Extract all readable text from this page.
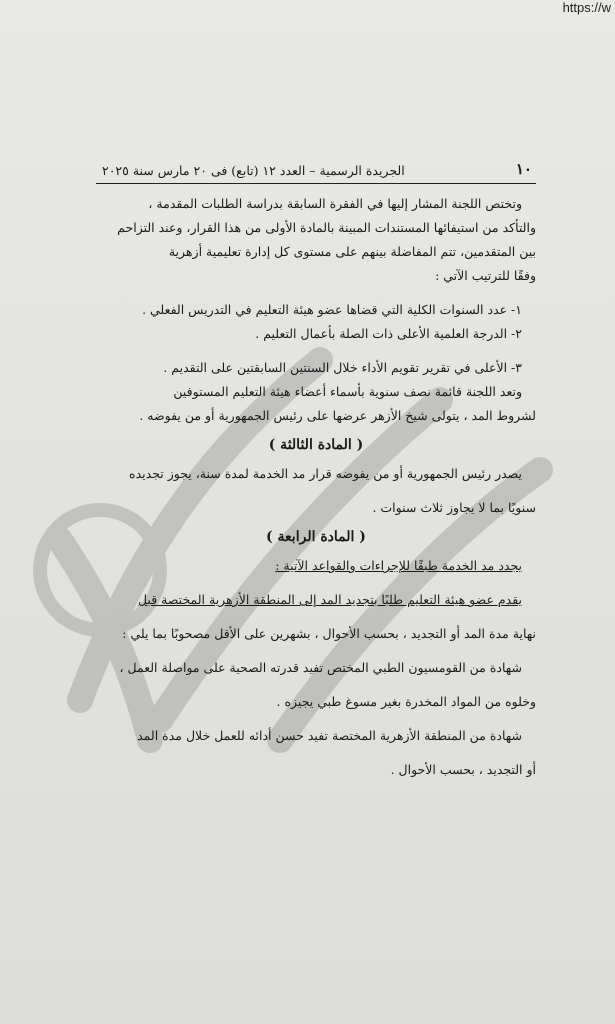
https://w
١٠
الجريدة الرسمية – العدد ١٢ (تابع) فى ٢٠ مارس سنة ٢٠٢٥
وتختص اللجنة المشار إليها في الفقرة السابقة بدراسة الطلبات المقدمة ،
والتأكد من استيفائها المستندات المبينة بالمادة الأولى من هذا القرار، وعند التزاحم
بين المتقدمين، تتم المفاضلة بينهم على مستوى كل إدارة تعليمية أزهرية
وفقًا للترتيب الآتي :
١- عدد السنوات الكلية التي قضاها عضو هيئة التعليم في التدريس الفعلي .
٢- الدرجة العلمية الأعلى ذات الصلة بأعمال التعليم .
٣- الأعلى في تقرير تقويم الأداء خلال السنتين السابقتين على التقديم .
وتعد اللجنة قائمة نصف سنوية بأسماء أعضاء هيئة التعليم المستوفين
لشروط المد ، يتولى شيخ الأزهر عرضها على رئيس الجمهورية أو من يفوضه .
( المادة الثالثة )
يصدر رئيس الجمهورية أو من يفوضه قرار مد الخدمة لمدة سنة، يجوز تجديده
سنويًا بما لا يجاوز ثلاث سنوات .
( المادة الرابعة )
يجدد مد الخدمة طبقًا للإجراءات والقواعد الآتية :
يقدم عضو هيئة التعليم طلبًا بتجديد المد إلى المنطقة الأزهرية المختصة قبل
نهاية مدة المد أو التجديد ، بحسب الأحوال ، بشهرين على الأقل مصحوبًا بما يلي :
شهادة من القومسيون الطبي المختص تفيد قدرته الصحية على مواصلة العمل ،
وخلوه من المواد المخدرة بغير مسوغ طبي يجيزه .
شهادة من المنطقة الأزهرية المختصة تفيد حسن أدائه للعمل خلال مدة المد
أو التجديد ، بحسب الأحوال .
